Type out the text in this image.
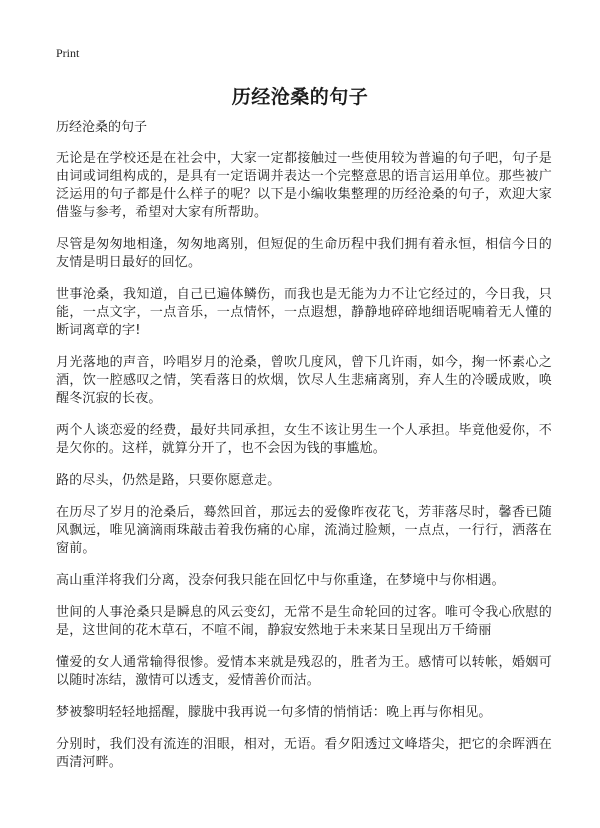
Print
历经沧桑的句子
历经沧桑的句子

无论是在学校还是在社会中，大家一定都接触过一些使用较为普遍的句子吧，句子是由词或词组构成的，是具有一定语调并表达一个完整意思的语言运用单位。那些被广泛运用的句子都是什么样子的呢？以下是小编收集整理的历经沧桑的句子，欢迎大家借鉴与参考，希望对大家有所帮助。

尽管是匆匆地相逢，匆匆地离别，但短促的生命历程中我们拥有着永恒，相信今日的友情是明日最好的回忆。

世事沧桑，我知道，自己已遍体鳞伤，而我也是无能为力不让它经过的，今日我，只能，一点文字，一点音乐，一点情怀，一点遐想，静静地碎碎地细语呢喃着无人懂的断词离章的字!

月光落地的声音，吟唱岁月的沧桑，曾吹几度风，曾下几许雨，如今，掬一怀素心之酒，饮一腔感叹之情，笑看落日的炊烟，饮尽人生悲痛离别，弃人生的冷暖成败，唤醒冬沉寂的长夜。

两个人谈恋爱的经费，最好共同承担，女生不该让男生一个人承担。毕竟他爱你，不是欠你的。这样，就算分开了，也不会因为钱的事尴尬。

路的尽头，仍然是路，只要你愿意走。

在历尽了岁月的沧桑后，蓦然回首，那远去的爱像昨夜花飞，芳菲落尽时，馨香已随风飘远，唯见滴滴雨珠敲击着我伤痛的心扉，流淌过脸颊，一点点，一行行，洒落在窗前。

高山重洋将我们分离，没奈何我只能在回忆中与你重逢，在梦境中与你相遇。

世间的人事沧桑只是瞬息的风云变幻，无常不是生命轮回的过客。唯可令我心欣慰的是，这世间的花木草石，不喧不闹，静寂安然地于未来某日呈现出万千绮丽

懂爱的女人通常输得很惨。爱情本来就是残忍的，胜者为王。感情可以转帐，婚姻可以随时冻结，激情可以透支，爱情善价而沽。

梦被黎明轻轻地摇醒，朦胧中我再说一句多情的悄悄话：晚上再与你相见。

分别时，我们没有流连的泪眼，相对，无语。看夕阳透过文峰塔尖，把它的余晖洒在西清河畔。
